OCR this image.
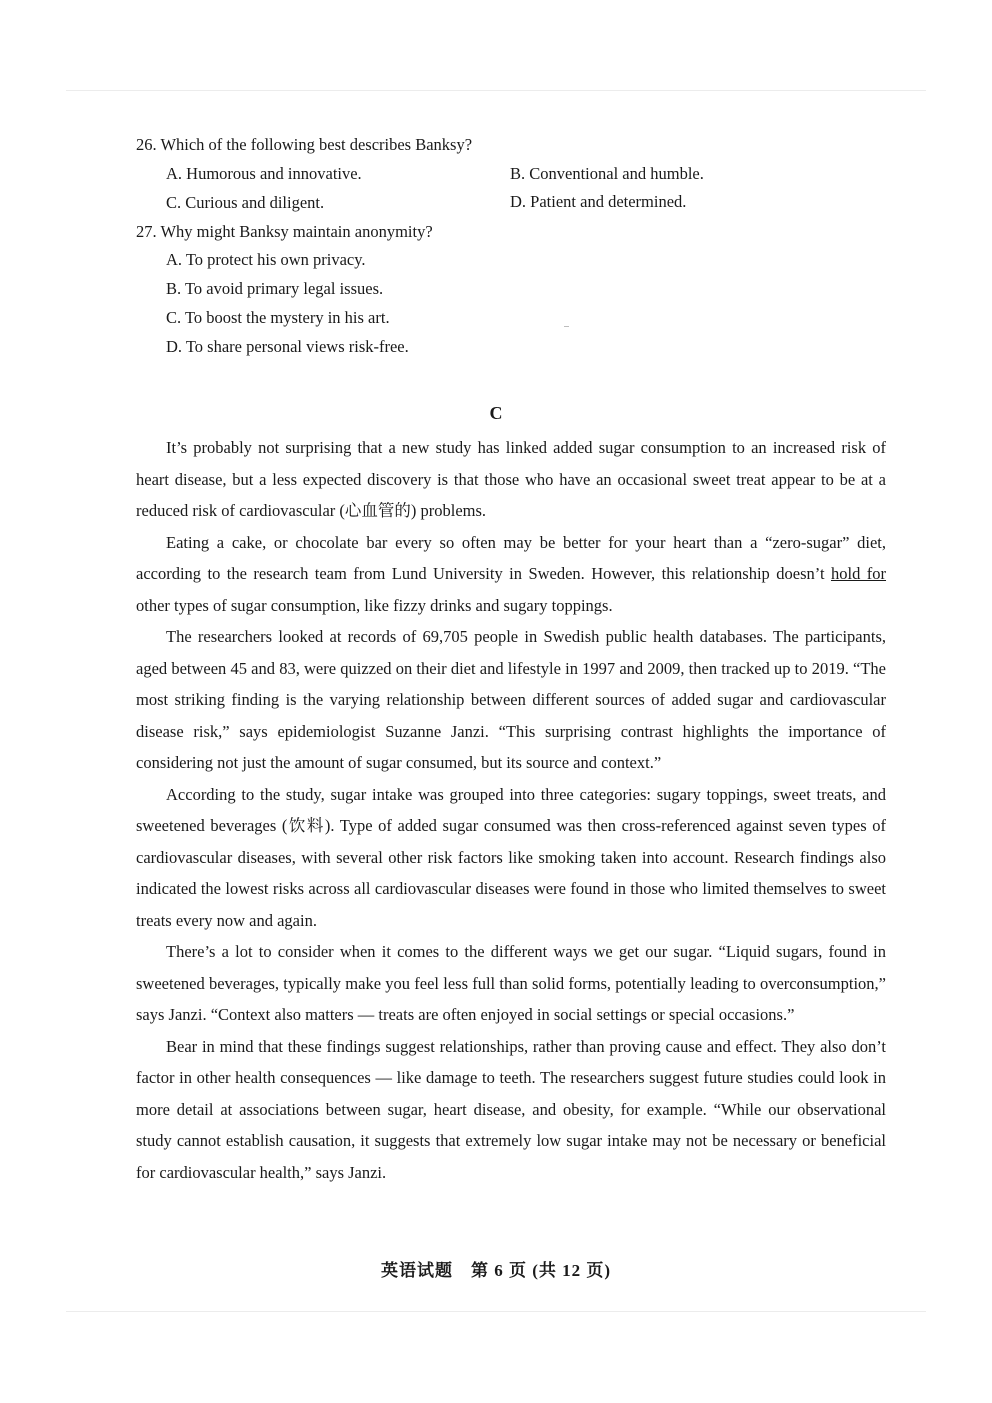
26. Which of the following best describes Banksy?
A. Humorous and innovative.	B. Conventional and humble.
C. Curious and diligent.	D. Patient and determined.
27. Why might Banksy maintain anonymity?
A. To protect his own privacy.
B. To avoid primary legal issues.
C. To boost the mystery in his art.
D. To share personal views risk-free.
C

It’s probably not surprising that a new study has linked added sugar consumption to an increased risk of heart disease, but a less expected discovery is that those who have an occasional sweet treat appear to be at a reduced risk of cardiovascular (心血管的) problems.

Eating a cake, or chocolate bar every so often may be better for your heart than a “zero-sugar” diet, according to the research team from Lund University in Sweden. However, this relationship doesn’t hold for other types of sugar consumption, like fizzy drinks and sugary toppings.

The researchers looked at records of 69,705 people in Swedish public health databases. The participants, aged between 45 and 83, were quizzed on their diet and lifestyle in 1997 and 2009, then tracked up to 2019. “The most striking finding is the varying relationship between different sources of added sugar and cardiovascular disease risk,” says epidemiologist Suzanne Janzi. “This surprising contrast highlights the importance of considering not just the amount of sugar consumed, but its source and context.”

According to the study, sugar intake was grouped into three categories: sugary toppings, sweet treats, and sweetened beverages (饮料). Type of added sugar consumed was then cross-referenced against seven types of cardiovascular diseases, with several other risk factors like smoking taken into account. Research findings also indicated the lowest risks across all cardiovascular diseases were found in those who limited themselves to sweet treats every now and again.

There’s a lot to consider when it comes to the different ways we get our sugar. “Liquid sugars, found in sweetened beverages, typically make you feel less full than solid forms, potentially leading to overconsumption,” says Janzi. “Context also matters — treats are often enjoyed in social settings or special occasions.”

Bear in mind that these findings suggest relationships, rather than proving cause and effect. They also don’t factor in other health consequences — like damage to teeth. The researchers suggest future studies could look in more detail at associations between sugar, heart disease, and obesity, for example. “While our observational study cannot establish causation, it suggests that extremely low sugar intake may not be necessary or beneficial for cardiovascular health,” says Janzi.

英语试题　第 6 页 (共 12 页)
